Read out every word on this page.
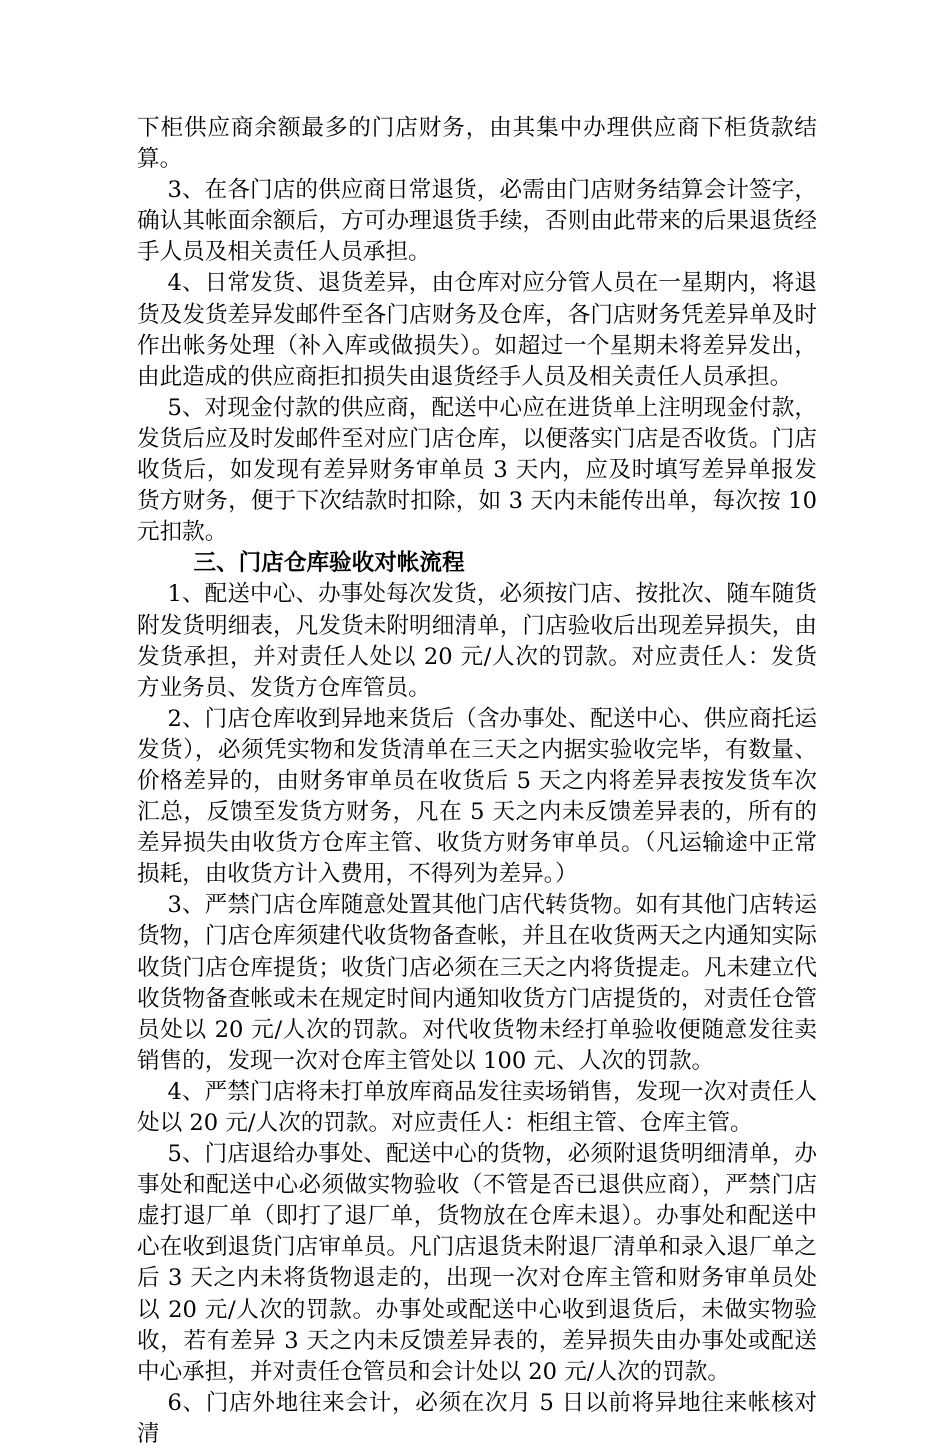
下柜供应商余额最多的门店财务，由其集中办理供应商下柜货款结算。

3、在各门店的供应商日常退货，必需由门店财务结算会计签字，确认其帐面余额后，方可办理退货手续，否则由此带来的后果退货经手人员及相关责任人员承担。

4、日常发货、退货差异，由仓库对应分管人员在一星期内，将退货及发货差异发邮件至各门店财务及仓库，各门店财务凭差异单及时作出帐务处理（补入库或做损失）。如超过一个星期未将差异发出，由此造成的供应商拒扣损失由退货经手人员及相关责任人员承担。

5、对现金付款的供应商，配送中心应在进货单上注明现金付款，发货后应及时发邮件至对应门店仓库，以便落实门店是否收货。门店收货后，如发现有差异财务审单员 3 天内，应及时填写差异单报发货方财务，便于下次结款时扣除，如 3 天内未能传出单，每次按 10 元扣款。

三、门店仓库验收对帐流程

1、配送中心、办事处每次发货，必须按门店、按批次、随车随货附发货明细表，凡发货未附明细清单，门店验收后出现差异损失，由发货承担，并对责任人处以 20 元/人次的罚款。对应责任人：发货方业务员、发货方仓库管员。

2、门店仓库收到异地来货后（含办事处、配送中心、供应商托运发货），必须凭实物和发货清单在三天之内据实验收完毕，有数量、价格差异的，由财务审单员在收货后 5 天之内将差异表按发货车次汇总，反馈至发货方财务，凡在 5 天之内未反馈差异表的，所有的差异损失由收货方仓库主管、收货方财务审单员。（凡运输途中正常损耗，由收货方计入费用，不得列为差异。）

3、严禁门店仓库随意处置其他门店代转货物。如有其他门店转运货物，门店仓库须建代收货物备查帐，并且在收货两天之内通知实际收货门店仓库提货；收货门店必须在三天之内将货提走。凡未建立代收货物备查帐或未在规定时间内通知收货方门店提货的，对责任仓管员处以 20 元/人次的罚款。对代收货物未经打单验收便随意发往卖销售的，发现一次对仓库主管处以 100 元、人次的罚款。

4、严禁门店将未打单放库商品发往卖场销售，发现一次对责任人处以 20 元/人次的罚款。对应责任人：柜组主管、仓库主管。

5、门店退给办事处、配送中心的货物，必须附退货明细清单，办事处和配送中心必须做实物验收（不管是否已退供应商），严禁门店虚打退厂单（即打了退厂单，货物放在仓库未退）。办事处和配送中心在收到退货门店审单员。凡门店退货未附退厂清单和录入退厂单之后 3 天之内未将货物退走的，出现一次对仓库主管和财务审单员处以 20 元/人次的罚款。办事处或配送中心收到退货后，未做实物验收，若有差异 3 天之内未反馈差异表的，差异损失由办事处或配送中心承担，并对责任仓管员和会计处以 20 元/人次的罚款。

6、门店外地往来会计，必须在次月 5 日以前将异地往来帐核对清
